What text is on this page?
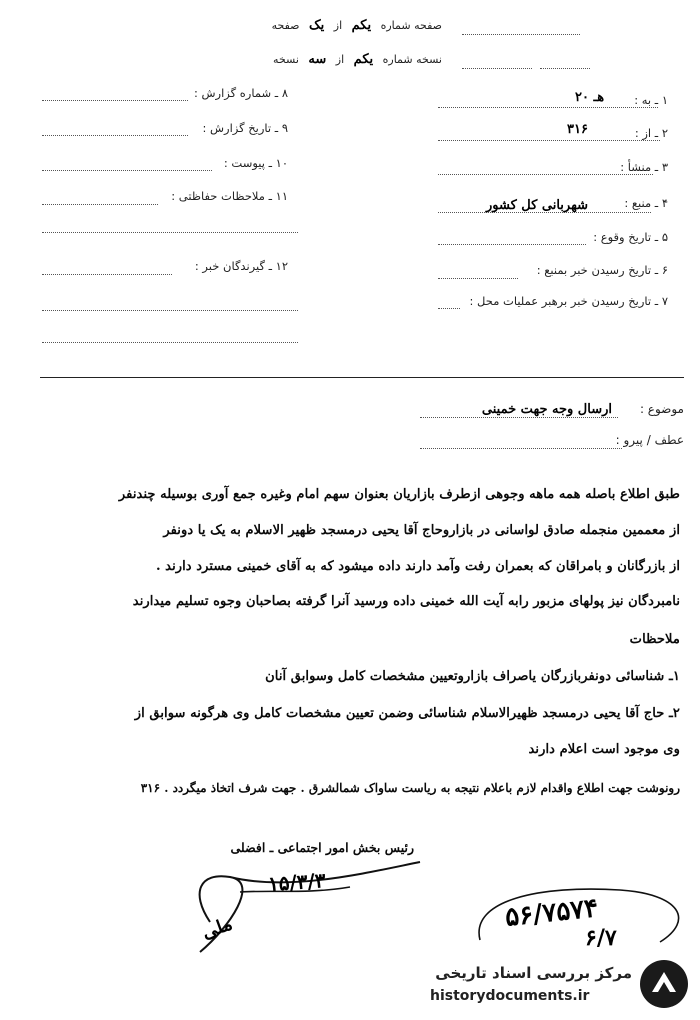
صفحه شماره یکم از یک صفحه
نسخه شماره یکم از سه نسخه
۸ ـ شماره گزارش :
۹ ـ تاریخ گزارش :
۱۰ ـ پیوست :
۱۱ ـ ملاحظات حفاظتی :
۱۲ ـ گیرندگان خبر :
۱ ـ به :
۲۰ هـ
۲ ـ از :
۳۱۶
۳ ـ منشأ :
۴ ـ منبع :
شهربانی کل کشور
۵ ـ تاریخ وقوع :
۶ ـ تاریخ رسیدن خبر بمنبع :
۷ ـ تاریخ رسیدن خبر برهبر عملیات محل :
موضوع :
ارسال وجه جهت خمینی
عطف / پیرو :
طبق اطلاع باصله همه ماهه وجوهی ازطرف بازاریان بعنوان سهم امام وغیره جمع آوری بوسیله چندنفر
از معممین منجمله صادق لواسانی در بازاروحاج آقا یحیی درمسجد ظهیر الاسلام به یک یا دونفر
از بازرگانان و بامراقان که بعمران رفت وآمد دارند داده میشود که به آقای خمینی مسترد دارند .
نامبردگان نیز پولهای مزبور رابه آیت الله خمینی داده ورسید آنرا گرفته بصاحبان وجوه تسلیم میدارند
ملاحظات
۱ـ شناسائی دونفربازرگان یاصراف بازاروتعیین مشخصات کامل وسوابق آنان
۲ـ حاج آقا یحیی درمسجد ظهیرالاسلام شناسائی وضمن تعیین مشخصات کامل وی هرگونه سوابق از
وی موجود است اعلام دارند
رونوشت جهت اطلاع واقدام لازم باعلام نتیجه به ریاست ساواک شمالشرق . جهت شرف اتخاذ میگردد . ۳۱۶
رئیس بخش امور اجتماعی ـ افضلی
۱۵/۳/۳
۵۶/۷۵۷۴
۶/۷
ملی
مرکز بررسی اسناد تاریخی
historydocuments.ir
